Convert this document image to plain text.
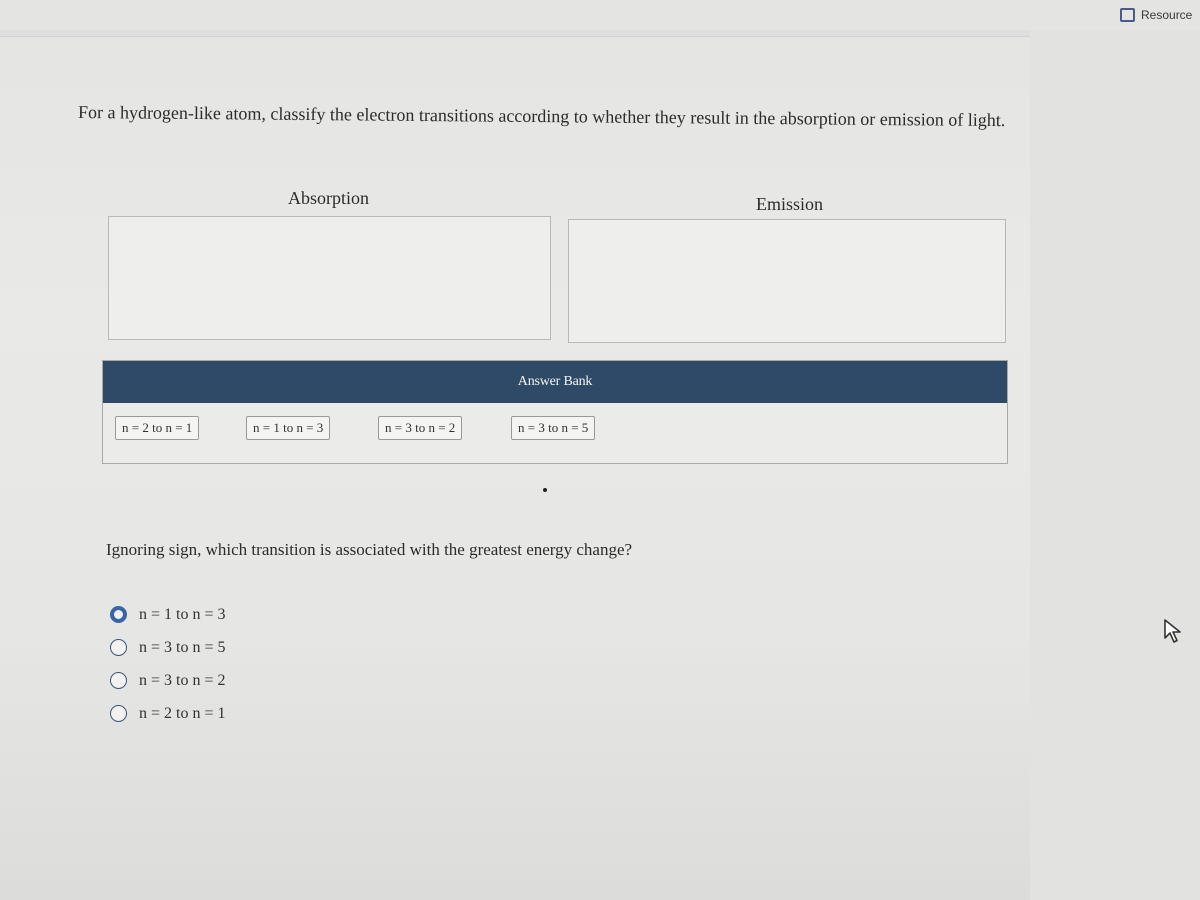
Resource
For a hydrogen-like atom, classify the electron transitions according to whether they result in the absorption or emission of light.
Absorption	Emission
Answer Bank
n = 2 to n = 1	n = 1 to n = 3	n = 3 to n = 2	n = 3 to n = 5
Ignoring sign, which transition is associated with the greatest energy change?
n = 1 to n = 3
n = 3 to n = 5
n = 3 to n = 2
n = 2 to n = 1
